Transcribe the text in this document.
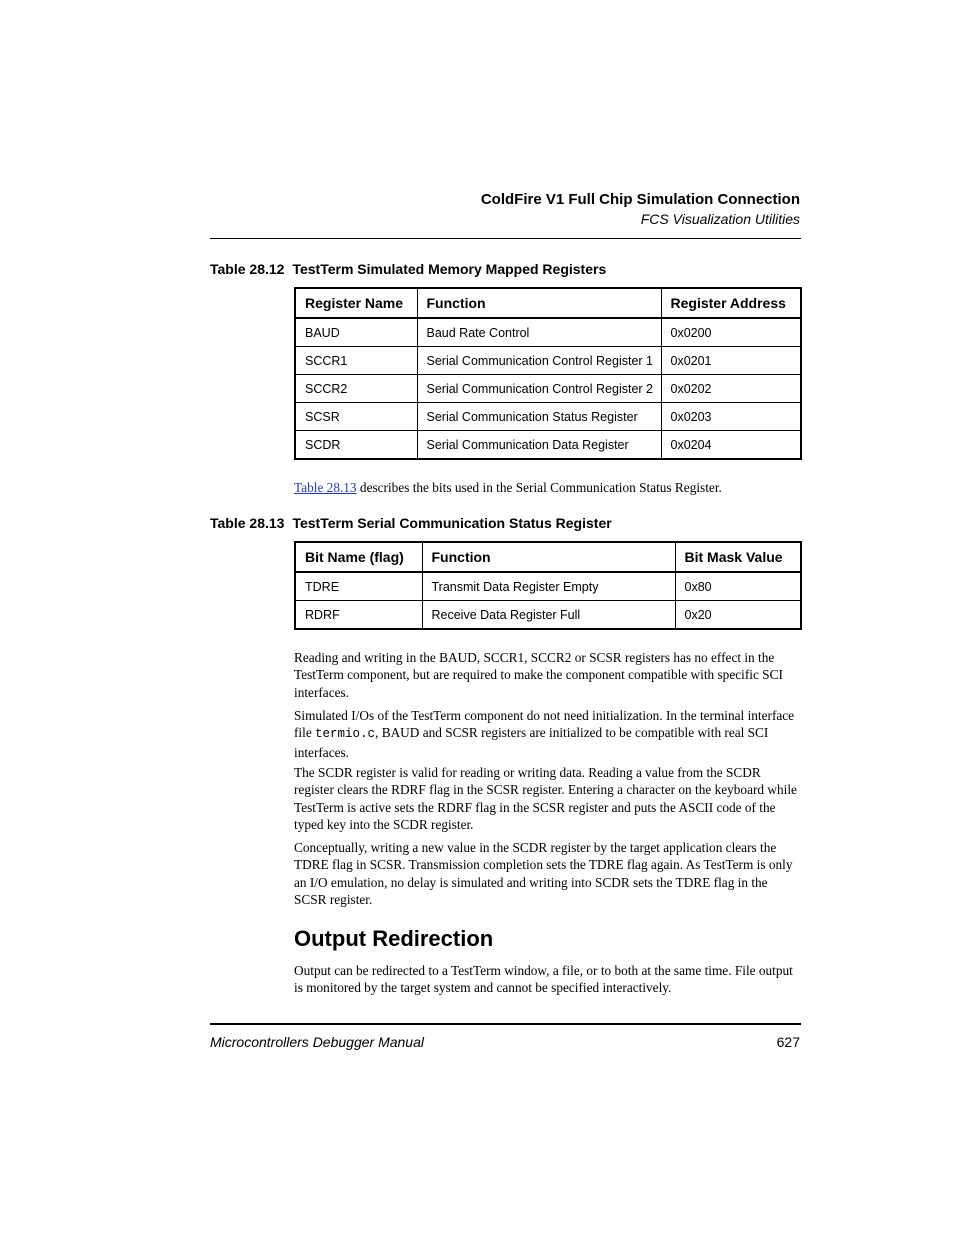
ColdFire V1 Full Chip Simulation Connection
FCS Visualization Utilities
Table 28.12 TestTerm Simulated Memory Mapped Registers
Register Name	Function	Register Address
BAUD	Baud Rate Control	0x0200
SCCR1	Serial Communication Control Register 1	0x0201
SCCR2	Serial Communication Control Register 2	0x0202
SCSR	Serial Communication Status Register	0x0203
SCDR	Serial Communication Data Register	0x0204
Table 28.13 describes the bits used in the Serial Communication Status Register.
Table 28.13 TestTerm Serial Communication Status Register
Bit Name (flag)	Function	Bit Mask Value
TDRE	Transmit Data Register Empty	0x80
RDRF	Receive Data Register Full	0x20
Reading and writing in the BAUD, SCCR1, SCCR2 or SCSR registers has no effect in the TestTerm component, but are required to make the component compatible with specific SCI interfaces.
Simulated I/Os of the TestTerm component do not need initialization. In the terminal interface file termio.c, BAUD and SCSR registers are initialized to be compatible with real SCI interfaces.
The SCDR register is valid for reading or writing data. Reading a value from the SCDR register clears the RDRF flag in the SCSR register. Entering a character on the keyboard while TestTerm is active sets the RDRF flag in the SCSR register and puts the ASCII code of the typed key into the SCDR register.
Conceptually, writing a new value in the SCDR register by the target application clears the TDRE flag in SCSR. Transmission completion sets the TDRE flag again. As TestTerm is only an I/O emulation, no delay is simulated and writing into SCDR sets the TDRE flag in the SCSR register.
Output Redirection
Output can be redirected to a TestTerm window, a file, or to both at the same time. File output is monitored by the target system and cannot be specified interactively.
Microcontrollers Debugger Manual	627
